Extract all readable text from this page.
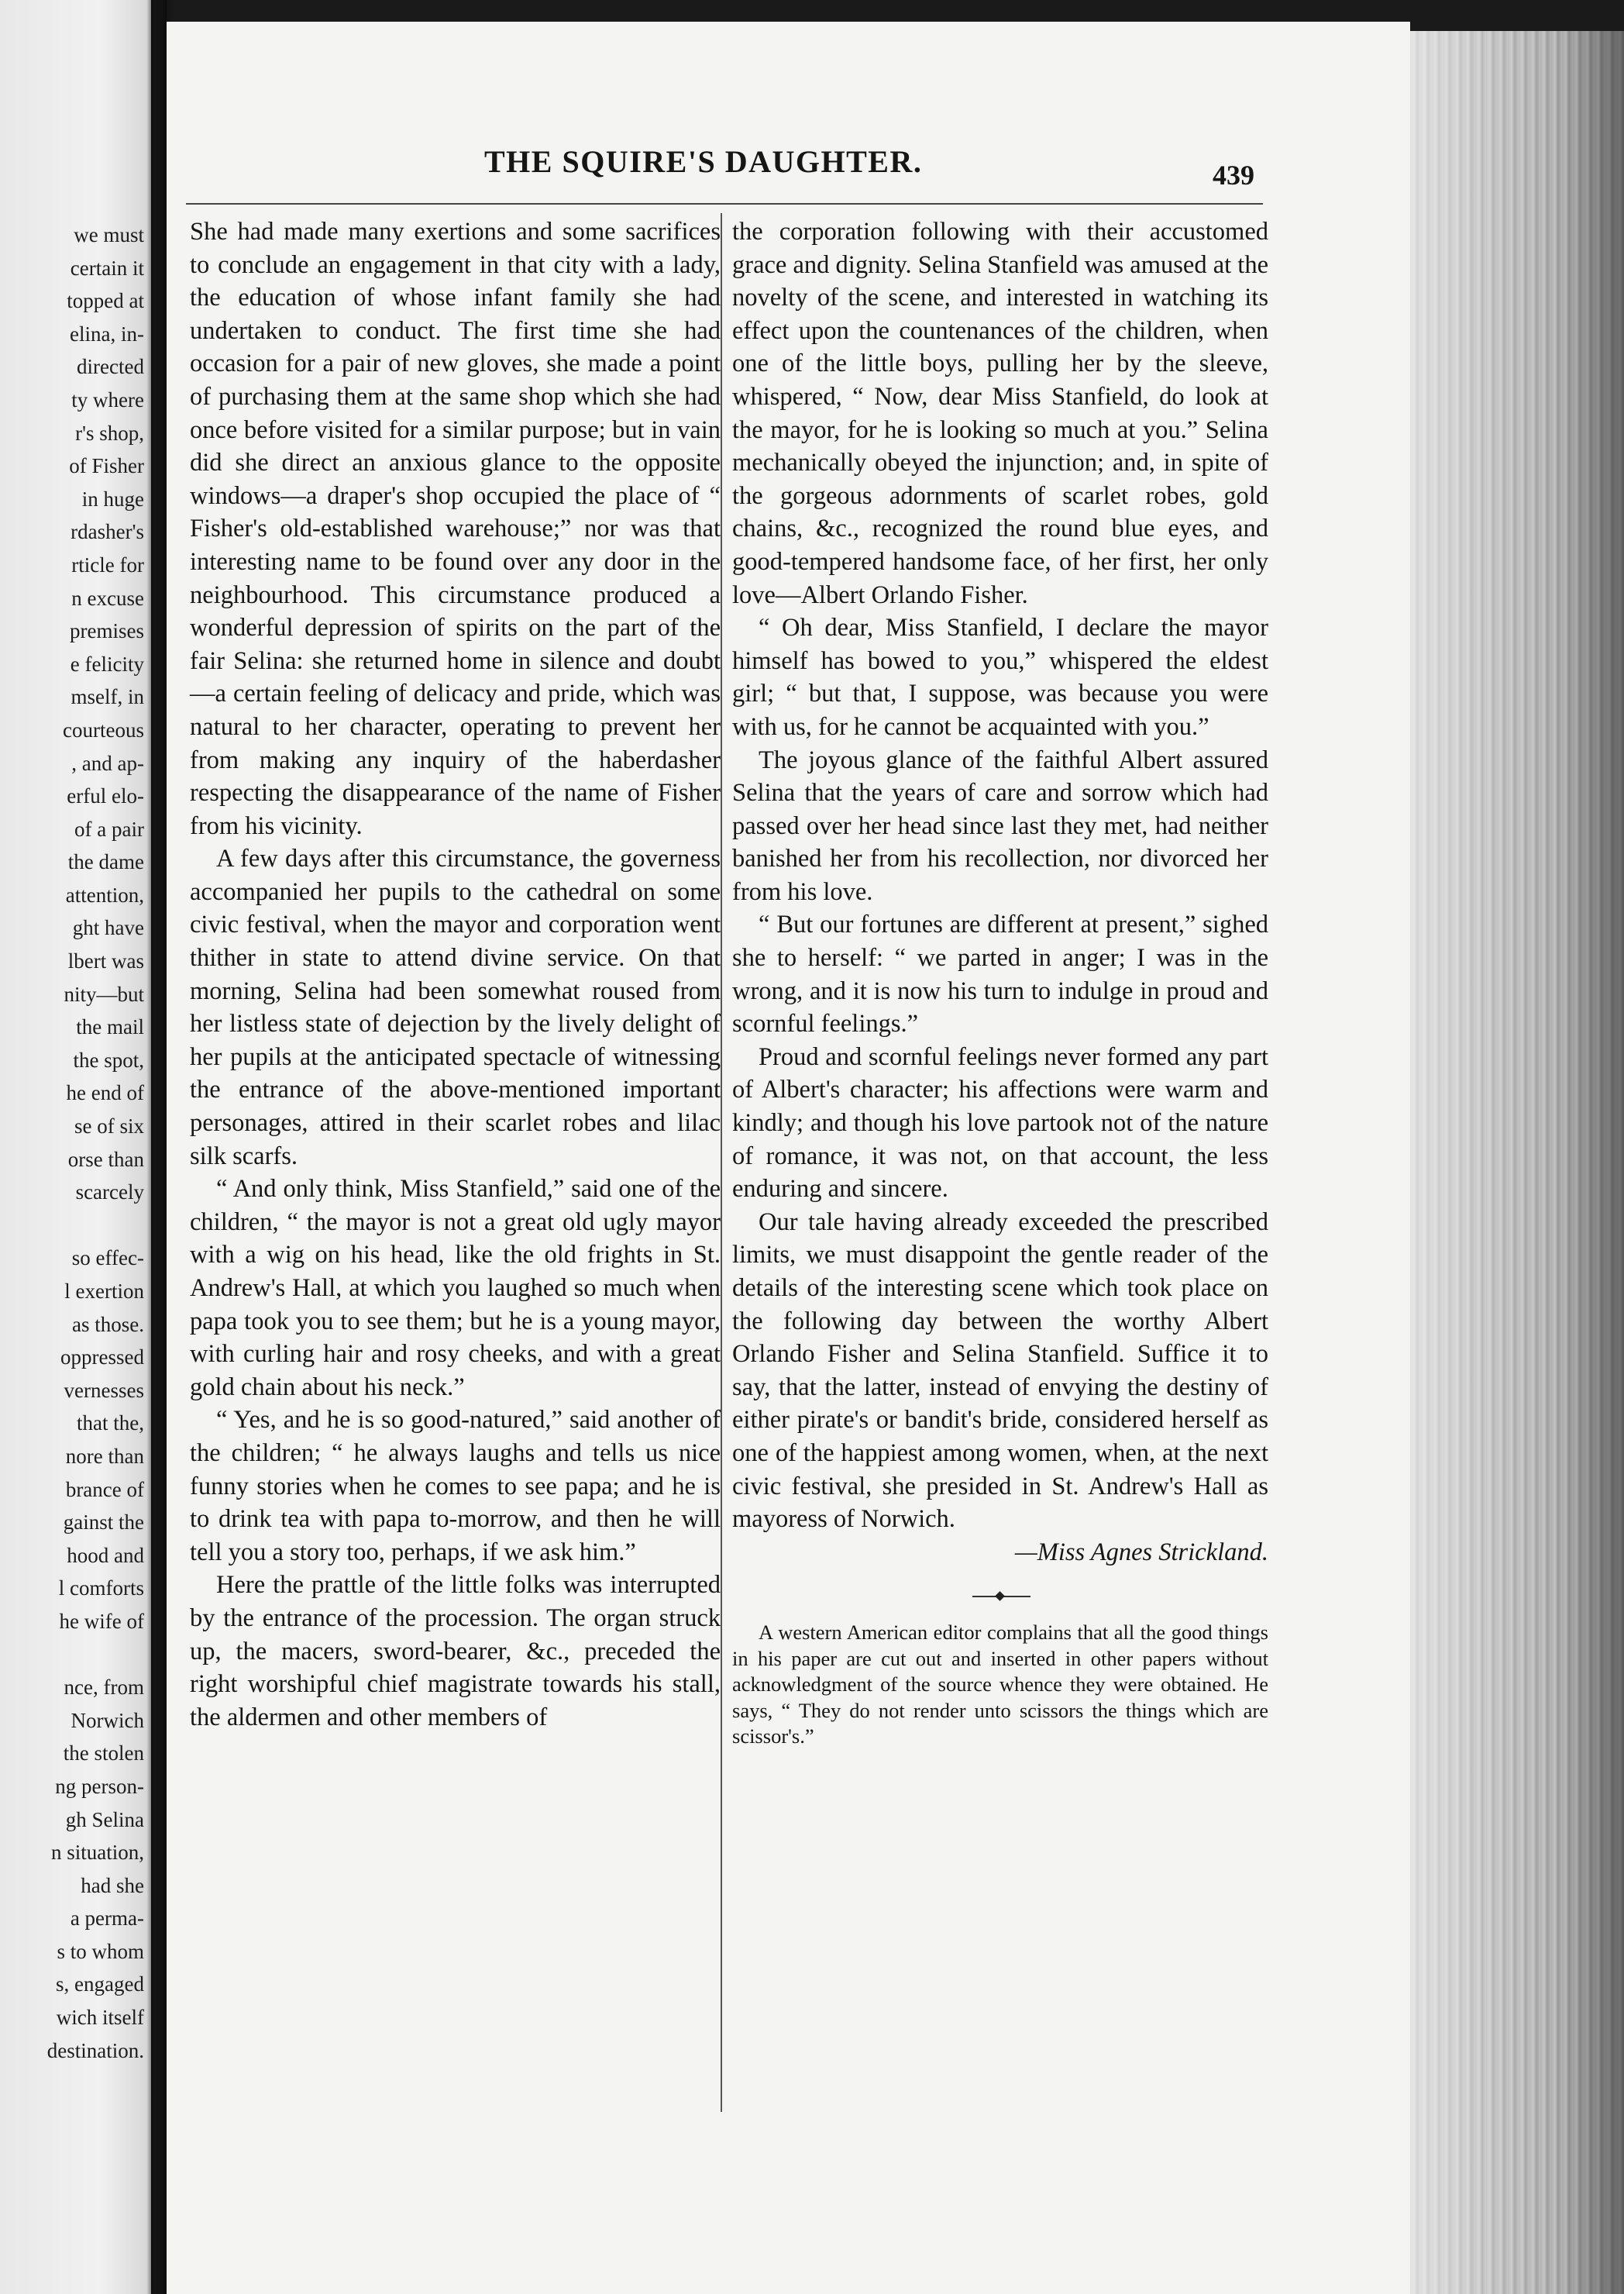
we must
certain it
topped at
elina, in-
directed
ty where
r's shop,
of Fisher
in huge
rdasher's
rticle for
n excuse
premises
e felicity
mself, in
courteous
, and ap-
erful elo-
of a pair
the dame
attention,
ght have
lbert was
nity—but
the mail
the spot,
he end of
se of six
orse than
scarcely
so effec-
l exertion
as those.
oppressed
vernesses
that the,
nore than
brance of
gainst the
hood and
l comforts
he wife of
nce, from
Norwich
the stolen
ng person-
gh Selina
n situation,
had she
a perma-
s to whom
s, engaged
wich itself
destination.
THE SQUIRE'S DAUGHTER.	439

She had made many exertions and some sacrifices to conclude an engagement in that city with a lady, the education of whose infant family she had undertaken to conduct. The first time she had occasion for a pair of new gloves, she made a point of purchasing them at the same shop which she had once before visited for a similar purpose; but in vain did she direct an anxious glance to the opposite windows—a draper's shop occupied the place of “ Fisher's old-established warehouse;” nor was that interesting name to be found over any door in the neighbourhood. This circumstance produced a wonderful depression of spirits on the part of the fair Selina: she returned home in silence and doubt—a certain feeling of delicacy and pride, which was natural to her character, operating to prevent her from making any inquiry of the haberdasher respecting the disappearance of the name of Fisher from his vicinity.

A few days after this circumstance, the governess accompanied her pupils to the cathedral on some civic festival, when the mayor and corporation went thither in state to attend divine service. On that morning, Selina had been somewhat roused from her listless state of dejection by the lively delight of her pupils at the anticipated spectacle of witnessing the entrance of the above-mentioned important personages, attired in their scarlet robes and lilac silk scarfs.

“ And only think, Miss Stanfield,” said one of the children, “ the mayor is not a great old ugly mayor with a wig on his head, like the old frights in St. Andrew's Hall, at which you laughed so much when papa took you to see them; but he is a young mayor, with curling hair and rosy cheeks, and with a great gold chain about his neck.”

“ Yes, and he is so good-natured,” said another of the children; “ he always laughs and tells us nice funny stories when he comes to see papa; and he is to drink tea with papa to-morrow, and then he will tell you a story too, perhaps, if we ask him.”

Here the prattle of the little folks was interrupted by the entrance of the procession. The organ struck up, the macers, sword-bearer, &c., preceded the right worshipful chief magistrate towards his stall, the aldermen and other members of

the corporation following with their accustomed grace and dignity. Selina Stanfield was amused at the novelty of the scene, and interested in watching its effect upon the countenances of the children, when one of the little boys, pulling her by the sleeve, whispered, “ Now, dear Miss Stanfield, do look at the mayor, for he is looking so much at you.” Selina mechanically obeyed the injunction; and, in spite of the gorgeous adornments of scarlet robes, gold chains, &c., recognized the round blue eyes, and good-tempered handsome face, of her first, her only love—Albert Orlando Fisher.

“ Oh dear, Miss Stanfield, I declare the mayor himself has bowed to you,” whispered the eldest girl; “ but that, I suppose, was because you were with us, for he cannot be acquainted with you.”

The joyous glance of the faithful Albert assured Selina that the years of care and sorrow which had passed over her head since last they met, had neither banished her from his recollection, nor divorced her from his love.

“ But our fortunes are different at present,” sighed she to herself: “ we parted in anger; I was in the wrong, and it is now his turn to indulge in proud and scornful feelings.”

Proud and scornful feelings never formed any part of Albert's character; his affections were warm and kindly; and though his love partook not of the nature of romance, it was not, on that account, the less enduring and sincere.

Our tale having already exceeded the prescribed limits, we must disappoint the gentle reader of the details of the interesting scene which took place on the following day between the worthy Albert Orlando Fisher and Selina Stanfield. Suffice it to say, that the latter, instead of envying the destiny of either pirate's or bandit's bride, considered herself as one of the happiest among women, when, at the next civic festival, she presided in St. Andrew's Hall as mayoress of Norwich.

—Miss Agnes Strickland.

A western American editor complains that all the good things in his paper are cut out and inserted in other papers without acknowledgment of the source whence they were obtained. He says, “ They do not render unto scissors the things which are scissor's.”
